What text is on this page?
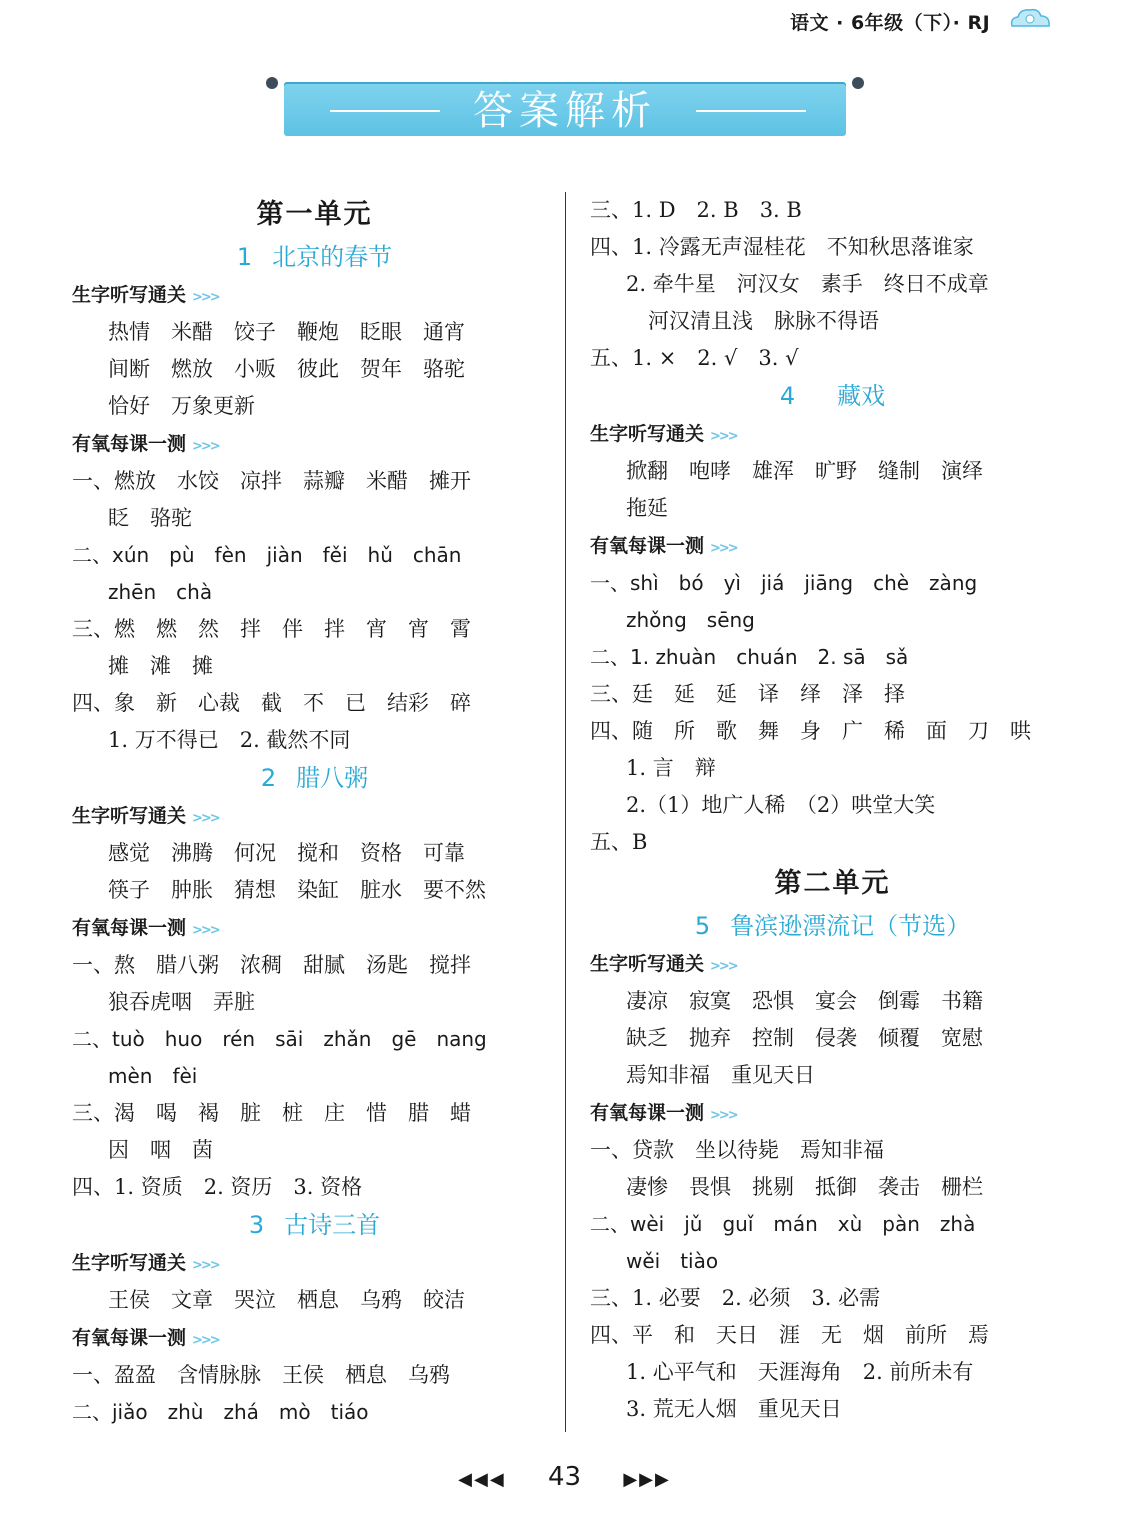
语文 · 6年级（下）· RJ
答案解析
第一单元
1 北京的春节
生字听写通关 >>>
热情　米醋　饺子　鞭炮　眨眼　通宵
间断　燃放　小贩　彼此　贺年　骆驼
恰好　万象更新
有氧每课一测 >>>
一、燃放　水饺　凉拌　蒜瓣　米醋　摊开
眨　骆驼
二、xún　pù　fèn　jiàn　fěi　hǔ　chān
zhēn　chà
三、燃　燃　然　拌　伴　拌　宵　宵　霄
摊　滩　摊
四、象　新　心裁　截　不　已　结彩　碎
1. 万不得已　2. 截然不同
2 腊八粥
生字听写通关 >>>
感觉　沸腾　何况　搅和　资格　可靠
筷子　肿胀　猜想　染缸　脏水　要不然
有氧每课一测 >>>
一、熬　腊八粥　浓稠　甜腻　汤匙　搅拌
狼吞虎咽　弄脏
二、tuò　huo　rén　sāi　zhǎn　gē　nang
mèn　fèi
三、渴　喝　褐　脏　桩　庄　惜　腊　蜡
因　咽　茵
四、1. 资质　2. 资历　3. 资格
3 古诗三首
生字听写通关 >>>
王侯　文章　哭泣　栖息　乌鸦　皎洁
有氧每课一测 >>>
一、盈盈　含情脉脉　王侯　栖息　乌鸦
二、jiǎo　zhù　zhá　mò　tiáo
三、1. D　2. B　3. B
四、1. 冷露无声湿桂花　不知秋思落谁家
2. 牵牛星　河汉女　素手　终日不成章
河汉清且浅　脉脉不得语
五、1. ×　2. √　3. √
4 藏戏
生字听写通关 >>>
掀翻　咆哮　雄浑　旷野　缝制　演绎
拖延
有氧每课一测 >>>
一、shì　bó　yì　jiá　jiāng　chè　zàng
zhǒng　sēng
二、1. zhuàn　chuán　2. sā　sǎ
三、廷　延　延　译　绎　泽　择
四、随　所　歌　舞　身　广　稀　面　刀　哄
1. 言　辩
2.（1）地广人稀　（2）哄堂大笑
五、B
第二单元
5 鲁滨逊漂流记（节选）
生字听写通关 >>>
凄凉　寂寞　恐惧　宴会　倒霉　书籍
缺乏　抛弃　控制　侵袭　倾覆　宽慰
焉知非福　重见天日
有氧每课一测 >>>
一、贷款　坐以待毙　焉知非福
凄惨　畏惧　挑剔　抵御　袭击　栅栏
二、wèi　jǔ　guǐ　mán　xù　pàn　zhà
wěi　tiào
三、1. 必要　2. 必须　3. 必需
四、平　和　天日　涯　无　烟　前所　焉
1. 心平气和　天涯海角　2. 前所未有
3. 荒无人烟　重见天日
◀◀◀ 43 ▶▶▶
